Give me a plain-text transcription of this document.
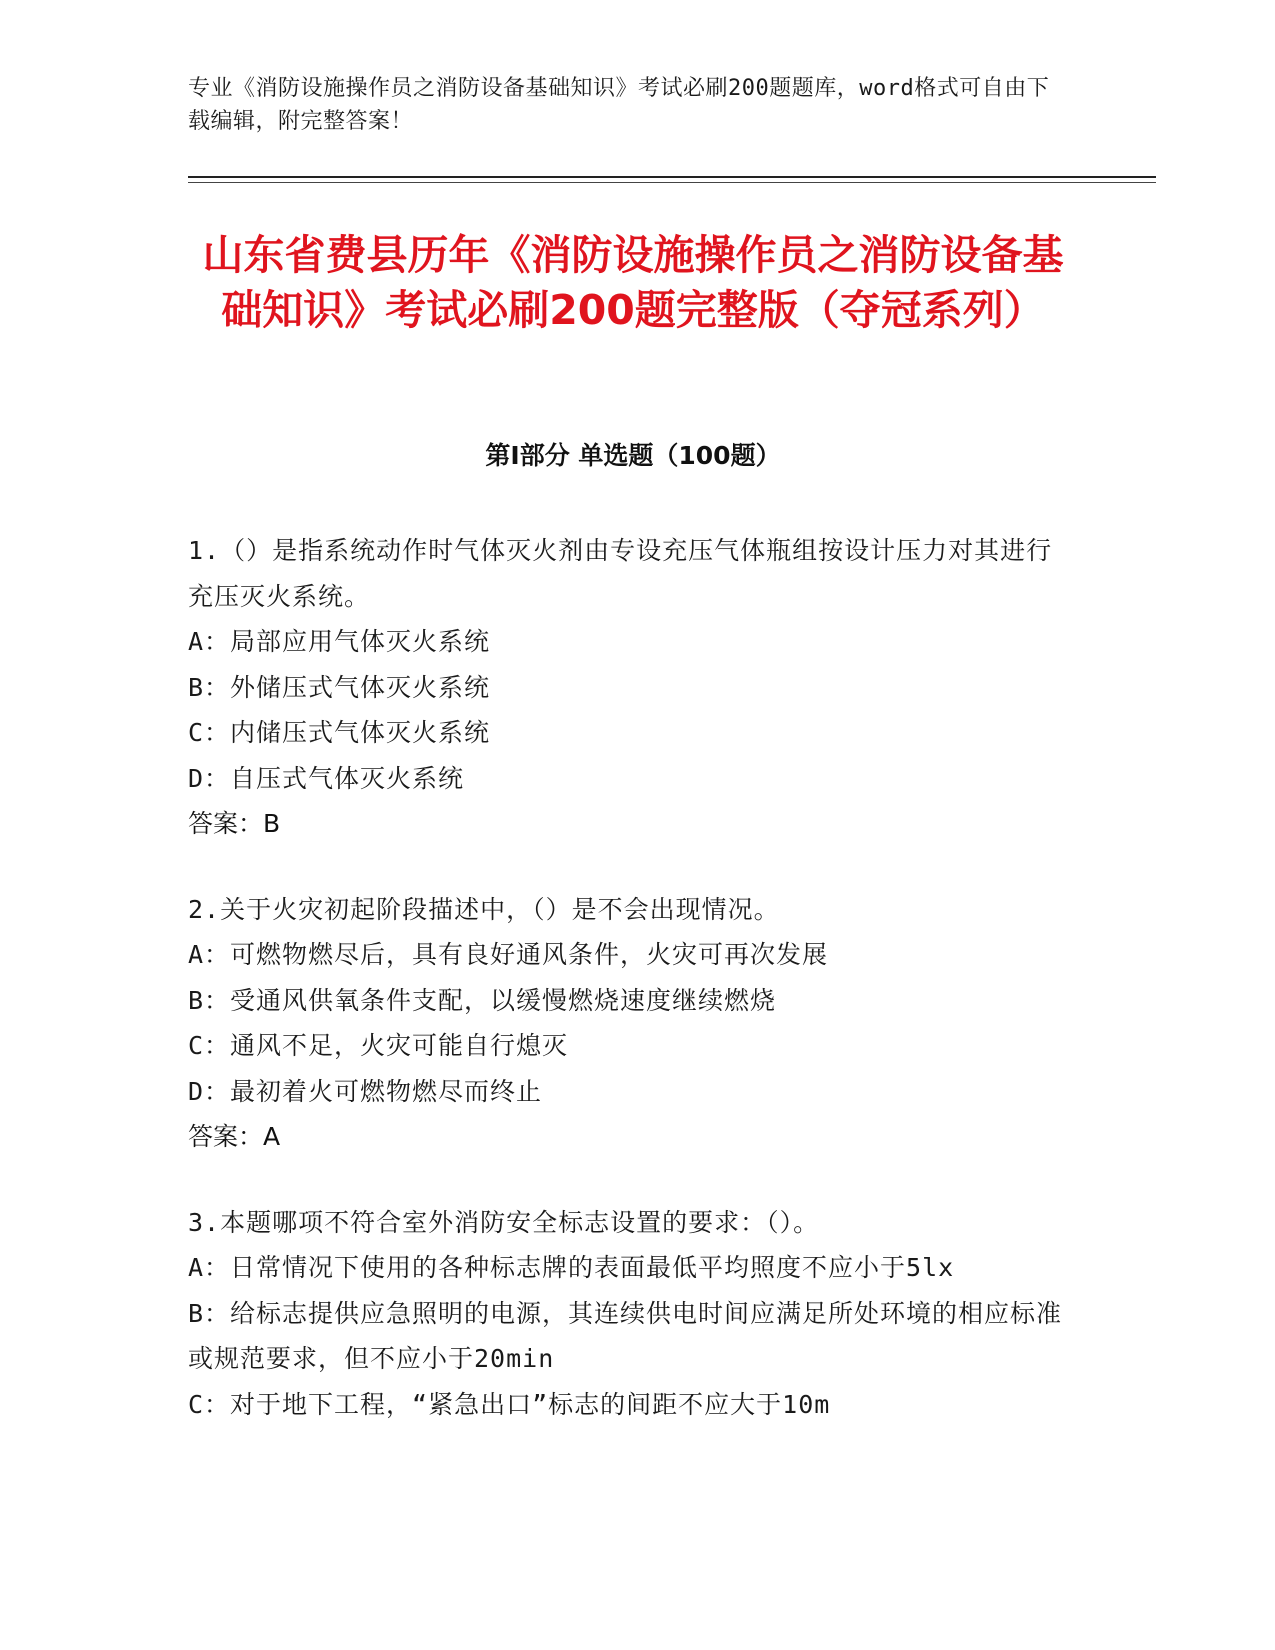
专业《消防设施操作员之消防设备基础知识》考试必刷200题题库，word格式可自由下载编辑，附完整答案！
山东省费县历年《消防设施操作员之消防设备基础知识》考试必刷200题完整版（夺冠系列）
第I部分 单选题（100题）
1.（）是指系统动作时气体灭火剂由专设充压气体瓶组按设计压力对其进行充压灭火系统。
A：局部应用气体灭火系统
B：外储压式气体灭火系统
C：内储压式气体灭火系统
D：自压式气体灭火系统
答案：B
2.关于火灾初起阶段描述中，（）是不会出现情况。
A：可燃物燃尽后，具有良好通风条件，火灾可再次发展
B：受通风供氧条件支配，以缓慢燃烧速度继续燃烧
C：通风不足，火灾可能自行熄灭
D：最初着火可燃物燃尽而终止
答案：A
3.本题哪项不符合室外消防安全标志设置的要求：（）。
A：日常情况下使用的各种标志牌的表面最低平均照度不应小于5lx
B：给标志提供应急照明的电源，其连续供电时间应满足所处环境的相应标准或规范要求，但不应小于20min
C：对于地下工程，“紧急出口”标志的间距不应大于10m
